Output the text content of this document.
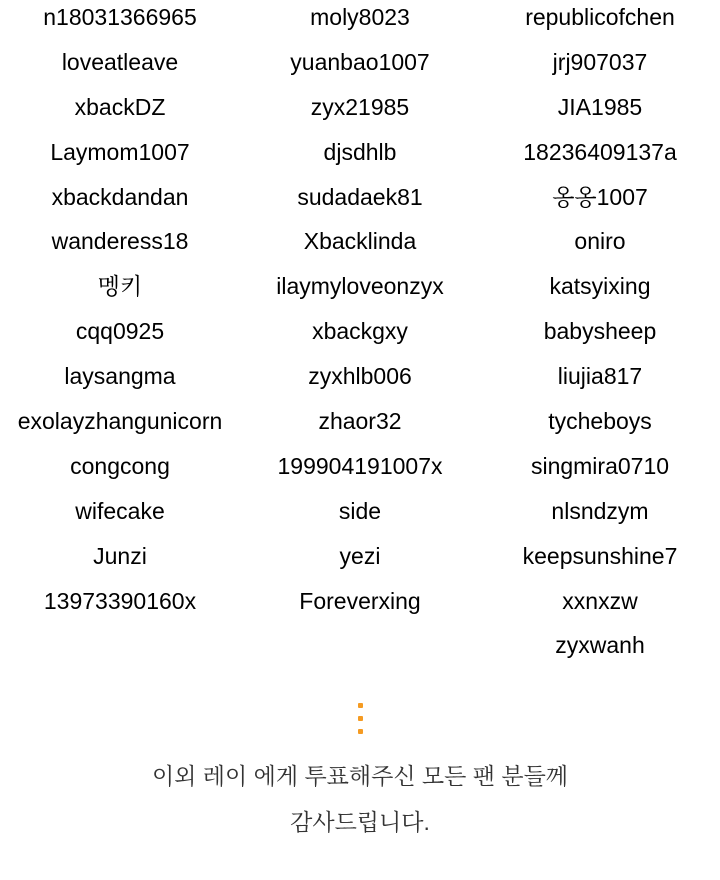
n18031366965
loveatleave
xbackDZ
Laymom1007
xbackdandan
wanderess18
멩키
cqq0925
laysangma
exolayzhangunicorn
congcong
wifecake
Junzi
13973390160x
moly8023
yuanbao1007
zyx21985
djsdhlb
sudadaek81
Xbacklinda
ilaymyloveonzyx
xbackgxy
zyxhlb006
zhaor32
199904191007x
side
yezi
Foreverxing
republicofchen
jrj907037
JIA1985
18236409137a
옹옹1007
oniro
katsyixing
babysheep
liujia817
tycheboys
singmira0710
nlsndzym
keepsunshine7
xxnxzw
zyxwanh
이외 레이 에게 투표해주신 모든 팬 분들께
감사드립니다.
